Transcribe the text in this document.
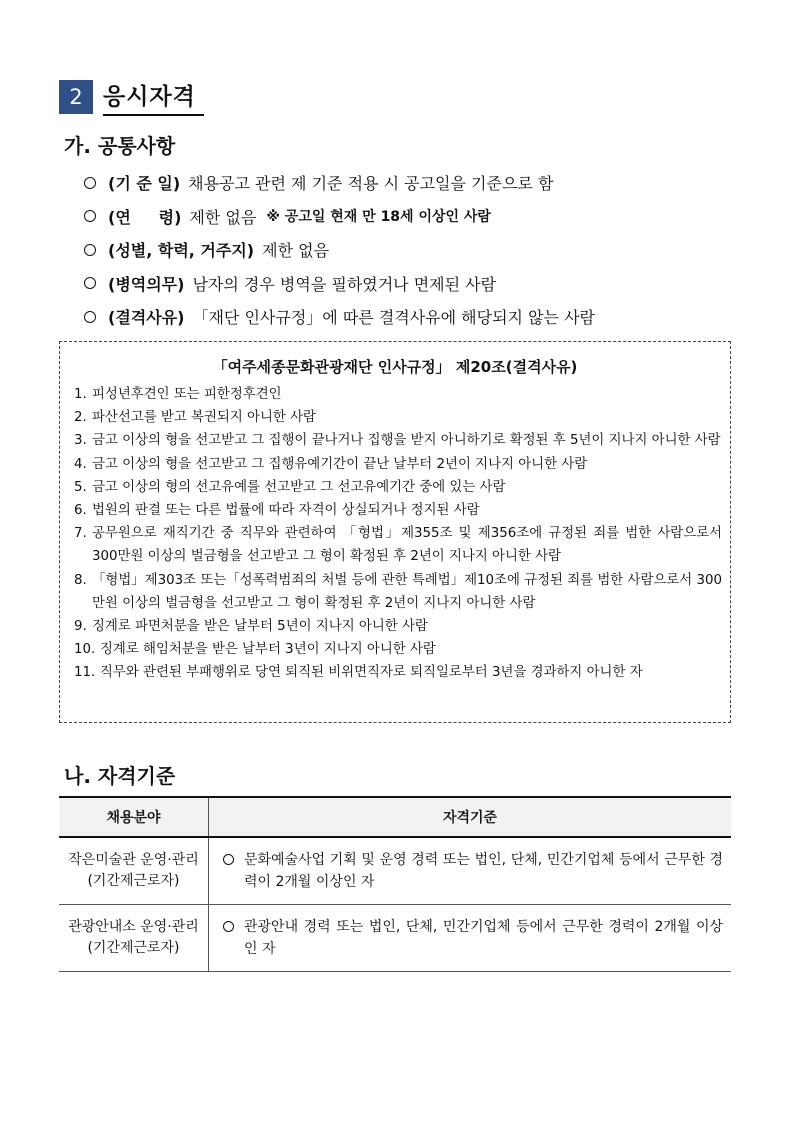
2 응시자격
가. 공통사항
(기 준 일) 채용공고 관련 제 기준 적용 시 공고일을 기준으로 함
(연     령) 제한 없음 ※ 공고일 현재 만 18세 이상인 사람
(성별, 학력, 거주지) 제한 없음
(병역의무) 남자의 경우 병역을 필하였거나 면제된 사람
(결격사유) 「재단 인사규정」에 따른 결격사유에 해당되지 않는 사람
「여주세종문화관광재단 인사규정」 제20조(결격사유)
1. 피성년후견인 또는 피한정후견인
2. 파산선고를 받고 복권되지 아니한 사람
3. 금고 이상의 형을 선고받고 그 집행이 끝나거나 집행을 받지 아니하기로 확정된 후 5년이 지나지 아니한 사람
4. 금고 이상의 형을 선고받고 그 집행유예기간이 끝난 날부터 2년이 지나지 아니한 사람
5. 금고 이상의 형의 선고유예를 선고받고 그 선고유예기간 중에 있는 사람
6. 법원의 판결 또는 다른 법률에 따라 자격이 상실되거나 정지된 사람
7. 공무원으로 재직기간 중 직무와 관련하여 「형법」제355조 및 제356조에 규정된 죄를 범한 사람으로서 300만원 이상의 벌금형을 선고받고 그 형이 확정된 후 2년이 지나지 아니한 사람
8. 「형법」제303조 또는「성폭력범죄의 처벌 등에 관한 특례법」제10조에 규정된 죄를 범한 사람으로서 300만원 이상의 벌금형을 선고받고 그 형이 확정된 후 2년이 지나지 아니한 사람
9. 징계로 파면처분을 받은 날부터 5년이 지나지 아니한 사람
10. 징계로 해임처분을 받은 날부터 3년이 지나지 아니한 사람
11. 직무와 관련된 부패행위로 당연 퇴직된 비위면직자로 퇴직일로부터 3년을 경과하지 아니한 자
나. 자격기준
채용분야	자격기준

작은미술관 운영·관리
(기간제근로자)	문화예술사업 기획 및 운영 경력 또는 법인, 단체, 민간기업체 등에서 근무한 경력이 2개월 이상인 자

관광안내소 운영·관리
(기간제근로자)	관광안내 경력 또는 법인, 단체, 민간기업체 등에서 근무한 경력이 2개월 이상인 자
